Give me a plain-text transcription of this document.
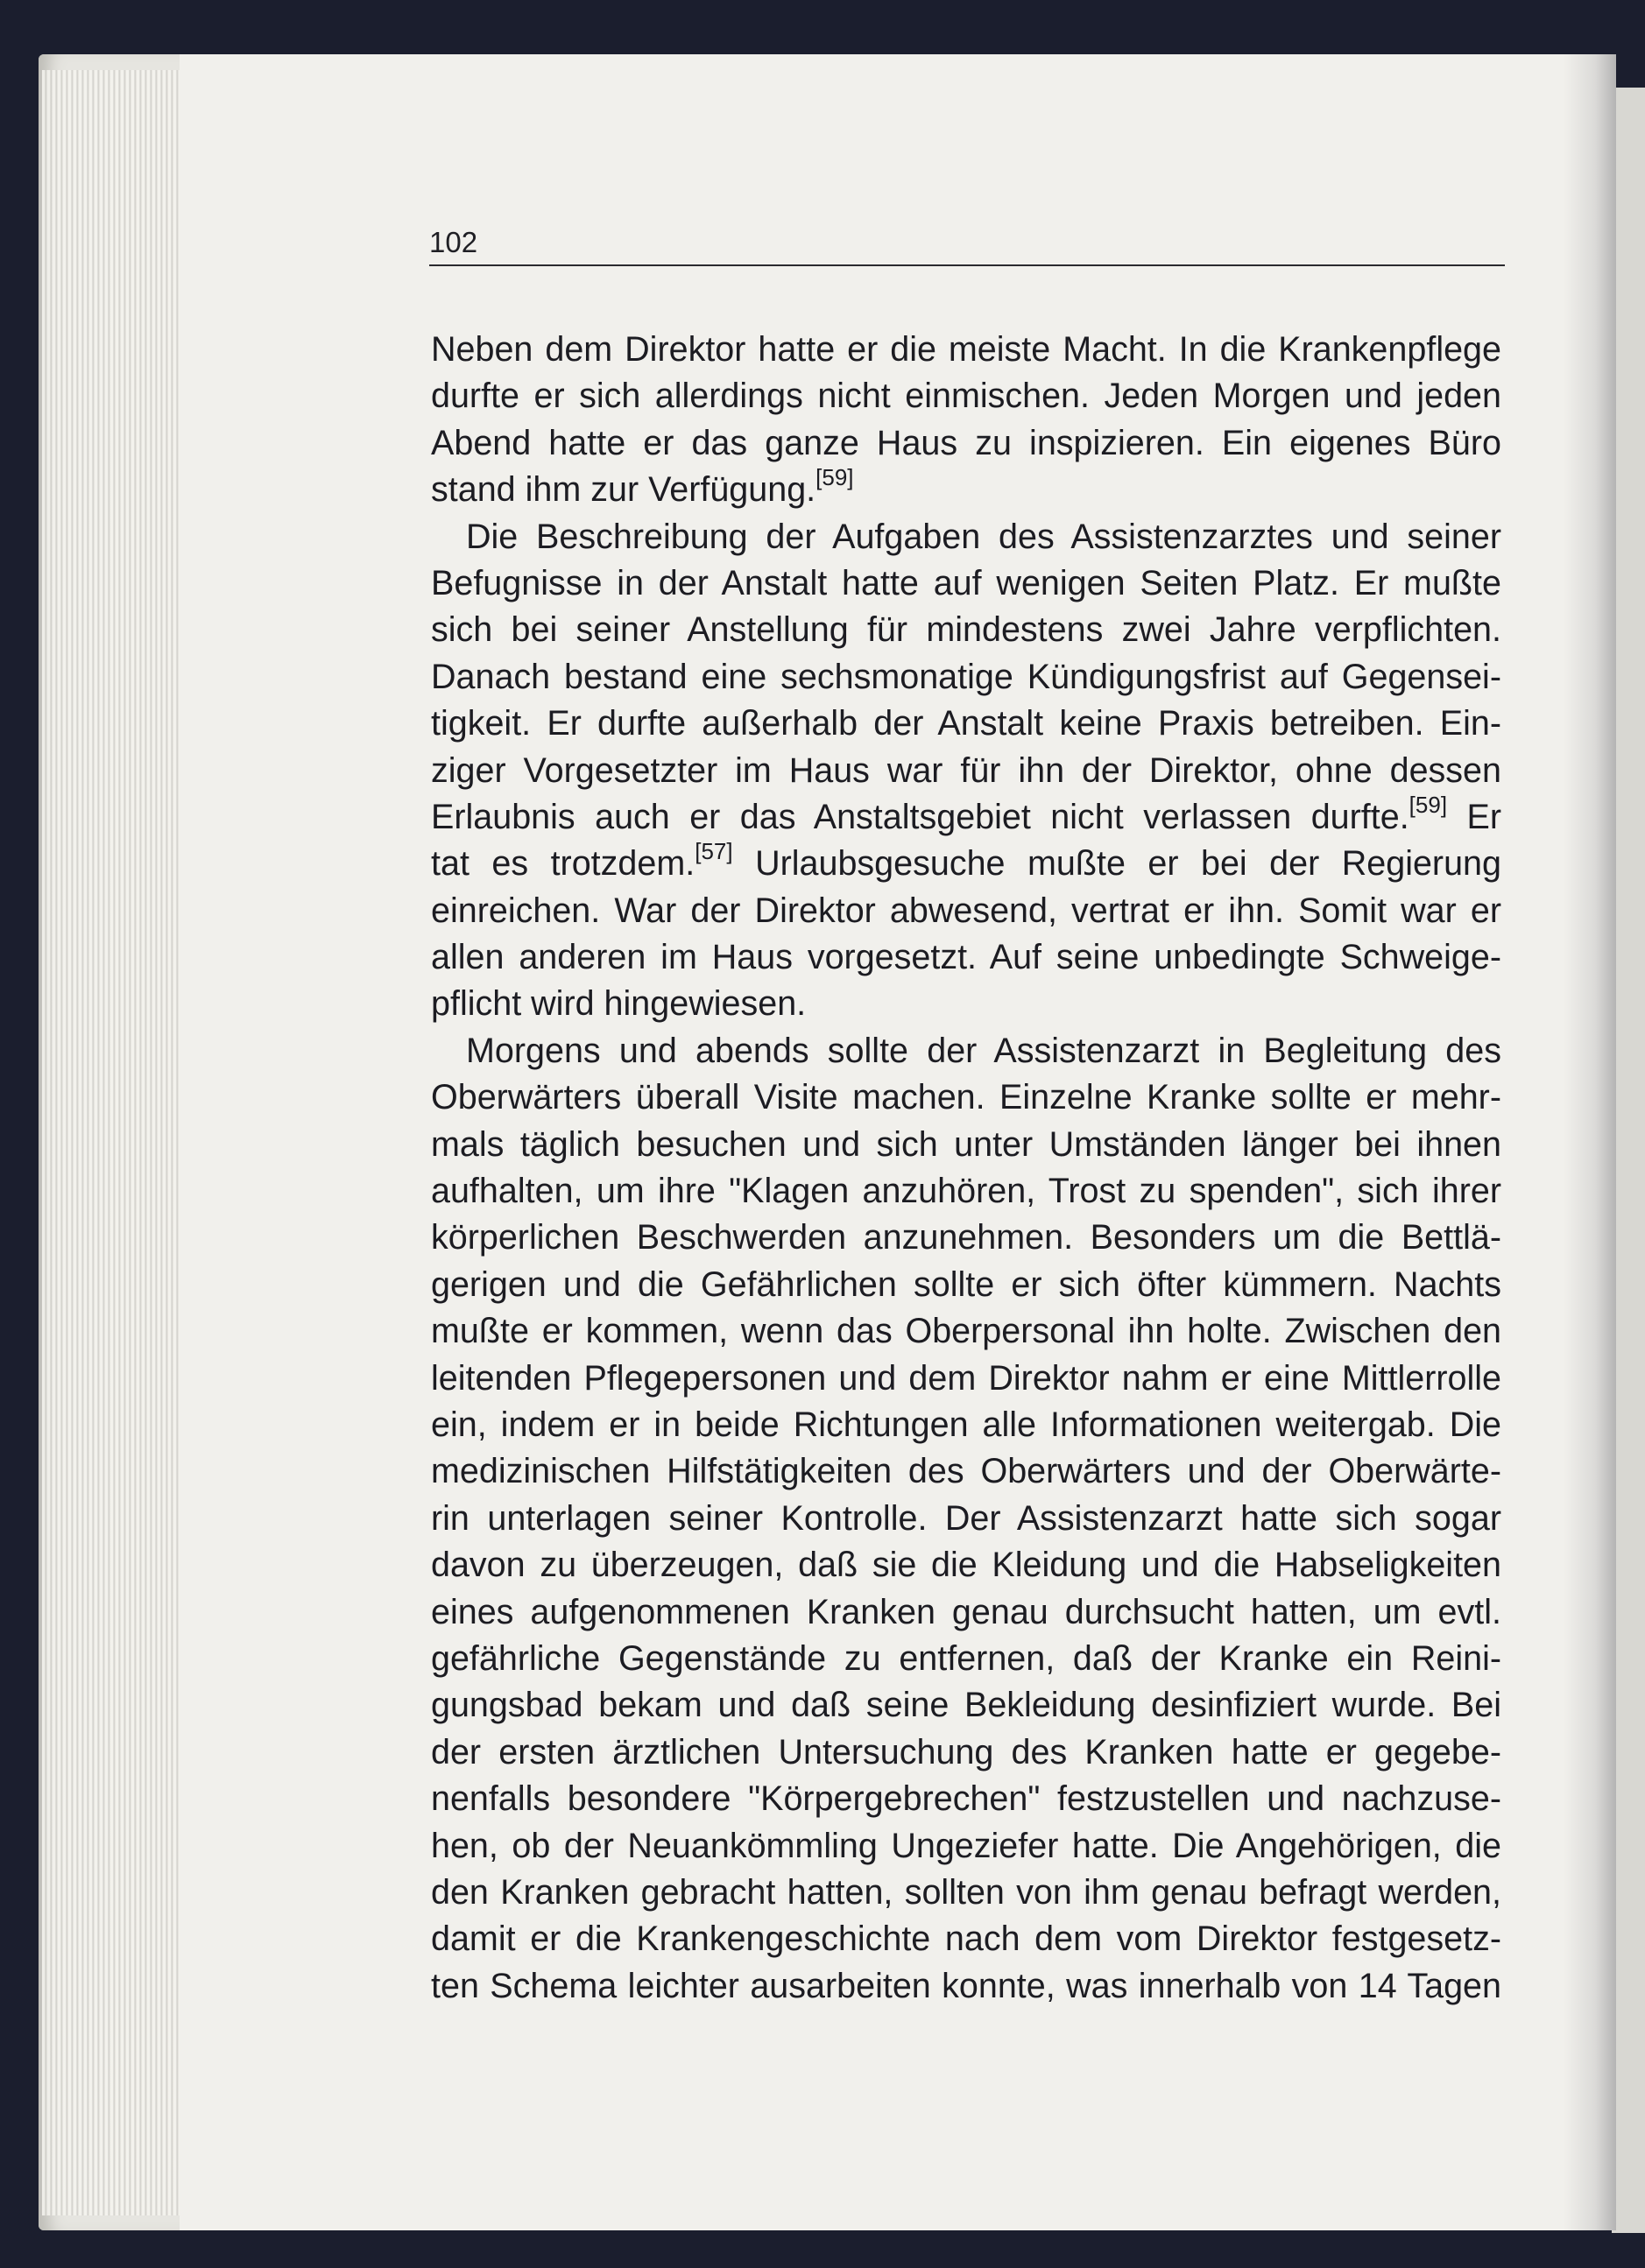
102
Neben dem Direktor hatte er die meiste Macht. In die Krankenpflege
durfte er sich allerdings nicht einmischen. Jeden Morgen und jeden
Abend hatte er das ganze Haus zu inspizieren. Ein eigenes Büro
stand ihm zur Verfügung.[59]
Die Beschreibung der Aufgaben des Assistenzarztes und seiner
Befugnisse in der Anstalt hatte auf wenigen Seiten Platz. Er mußte
sich bei seiner Anstellung für mindestens zwei Jahre verpflichten.
Danach bestand eine sechsmonatige Kündigungsfrist auf Gegensei-
tigkeit. Er durfte außerhalb der Anstalt keine Praxis betreiben. Ein-
ziger Vorgesetzter im Haus war für ihn der Direktor, ohne dessen
Erlaubnis auch er das Anstaltsgebiet nicht verlassen durfte.[59] Er
tat es trotzdem.[57] Urlaubsgesuche mußte er bei der Regierung
einreichen. War der Direktor abwesend, vertrat er ihn. Somit war er
allen anderen im Haus vorgesetzt. Auf seine unbedingte Schweige-
pflicht wird hingewiesen.
Morgens und abends sollte der Assistenzarzt in Begleitung des
Oberwärters überall Visite machen. Einzelne Kranke sollte er mehr-
mals täglich besuchen und sich unter Umständen länger bei ihnen
aufhalten, um ihre "Klagen anzuhören, Trost zu spenden", sich ihrer
körperlichen Beschwerden anzunehmen. Besonders um die Bettlä-
gerigen und die Gefährlichen sollte er sich öfter kümmern. Nachts
mußte er kommen, wenn das Oberpersonal ihn holte. Zwischen den
leitenden Pflegepersonen und dem Direktor nahm er eine Mittlerrolle
ein, indem er in beide Richtungen alle Informationen weitergab. Die
medizinischen Hilfstätigkeiten des Oberwärters und der Oberwärte-
rin unterlagen seiner Kontrolle. Der Assistenzarzt hatte sich sogar
davon zu überzeugen, daß sie die Kleidung und die Habseligkeiten
eines aufgenommenen Kranken genau durchsucht hatten, um evtl.
gefährliche Gegenstände zu entfernen, daß der Kranke ein Reini-
gungsbad bekam und daß seine Bekleidung desinfiziert wurde. Bei
der ersten ärztlichen Untersuchung des Kranken hatte er gegebe-
nenfalls besondere "Körpergebrechen" festzustellen und nachzuse-
hen, ob der Neuankömmling Ungeziefer hatte. Die Angehörigen, die
den Kranken gebracht hatten, sollten von ihm genau befragt werden,
damit er die Krankengeschichte nach dem vom Direktor festgesetz-
ten Schema leichter ausarbeiten konnte, was innerhalb von 14 Tagen
